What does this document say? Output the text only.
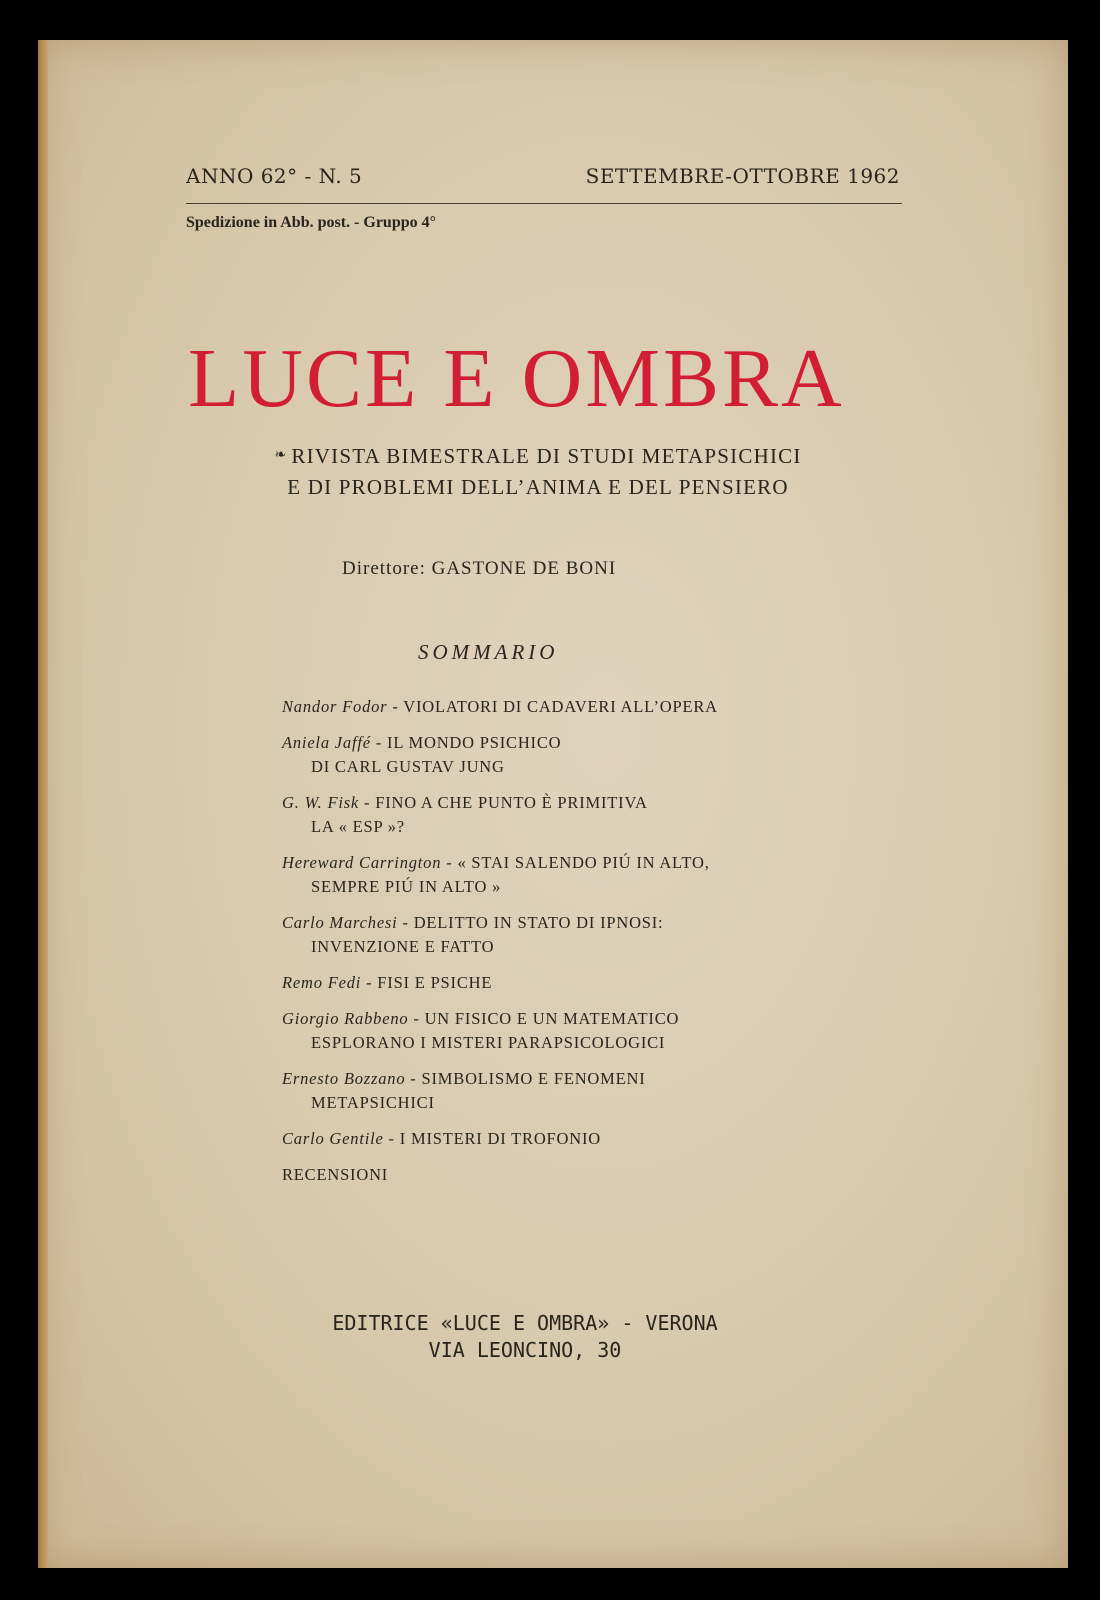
ANNO 62° - N. 5	SETTEMBRE-OTTOBRE 1962
Spedizione in Abb. post. - Gruppo 4°
LUCE E OMBRA
❧ RIVISTA BIMESTRALE DI STUDI METAPSICHICI
E DI PROBLEMI DELL’ANIMA E DEL PENSIERO
Direttore: GASTONE DE BONI
SOMMARIO
Nandor Fodor - VIOLATORI DI CADAVERI ALL’OPERA
Aniela Jaffé - IL MONDO PSICHICO
DI CARL GUSTAV JUNG
G. W. Fisk - FINO A CHE PUNTO È PRIMITIVA
LA « ESP »?
Hereward Carrington - « STAI SALENDO PIÚ IN ALTO,
SEMPRE PIÚ IN ALTO »
Carlo Marchesi - DELITTO IN STATO DI IPNOSI:
INVENZIONE E FATTO
Remo Fedi - FISI E PSICHE
Giorgio Rabbeno - UN FISICO E UN MATEMATICO
ESPLORANO I MISTERI PARAPSICOLOGICI
Ernesto Bozzano - SIMBOLISMO E FENOMENI
METAPSICHICI
Carlo Gentile - I MISTERI DI TROFONIO
RECENSIONI
EDITRICE «LUCE E OMBRA» - VERONA
VIA LEONCINO, 30
